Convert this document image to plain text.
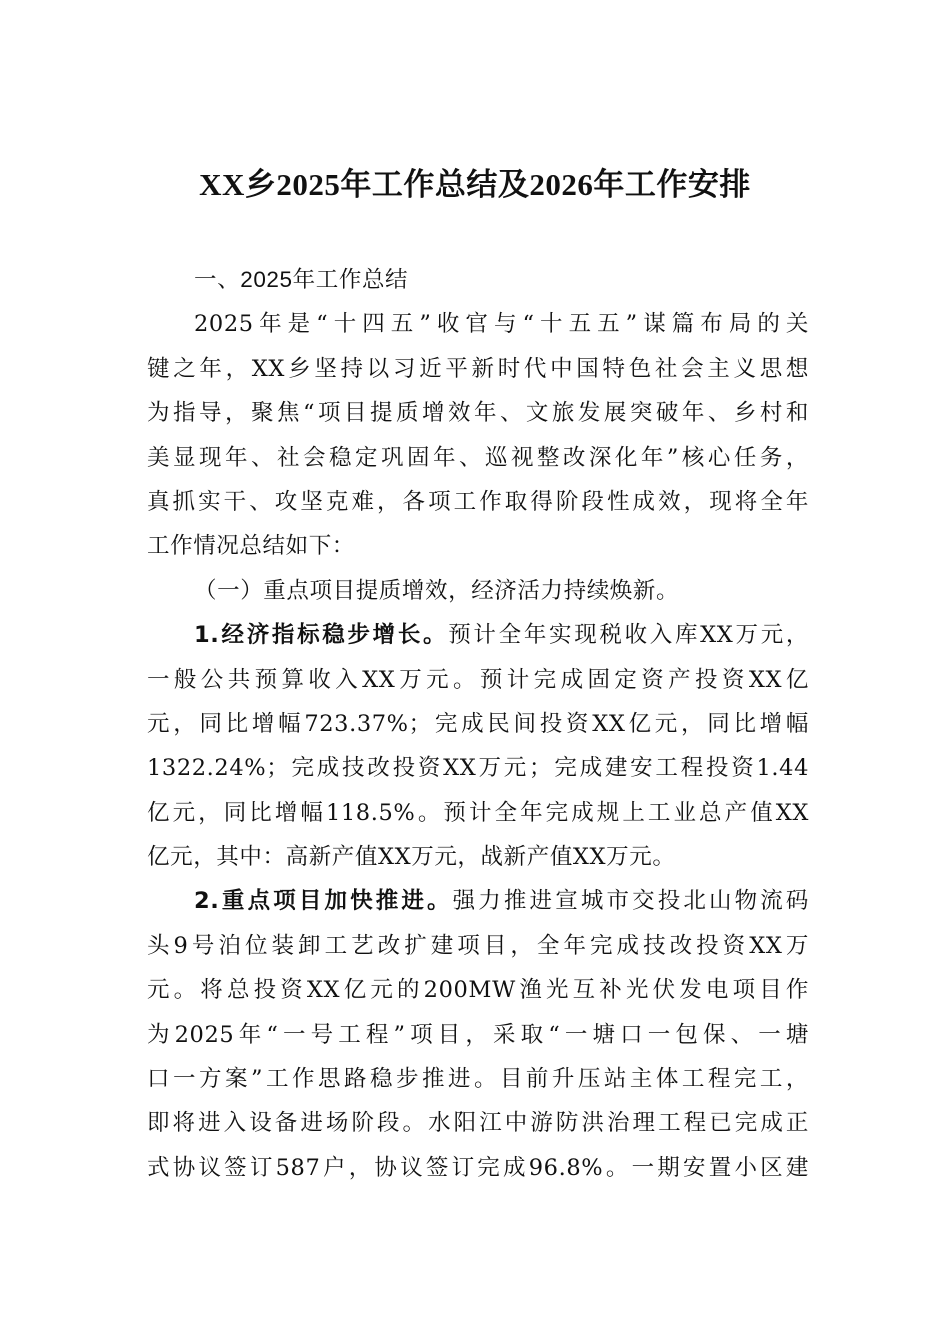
XX乡2025年工作总结及2026年工作安排
一、2025年工作总结
2025年是“十四五”收官与“十五五”谋篇布局的关
键之年，XX乡坚持以习近平新时代中国特色社会主义思想
为指导，聚焦“项目提质增效年、文旅发展突破年、乡村和
美显现年、社会稳定巩固年、巡视整改深化年”核心任务，
真抓实干、攻坚克难，各项工作取得阶段性成效，现将全年
工作情况总结如下：
（一）重点项目提质增效，经济活力持续焕新。
1.经济指标稳步增长。预计全年实现税收入库XX万元，
一般公共预算收入XX万元。预计完成固定资产投资XX亿
元，同比增幅723.37%；完成民间投资XX亿元，同比增幅
1322.24%；完成技改投资XX万元；完成建安工程投资1.44
亿元，同比增幅118.5%。预计全年完成规上工业总产值XX
亿元，其中：高新产值XX万元，战新产值XX万元。
2.重点项目加快推进。强力推进宣城市交投北山物流码
头9号泊位装卸工艺改扩建项目，全年完成技改投资XX万
元。将总投资XX亿元的200MW渔光互补光伏发电项目作
为2025年“一号工程”项目，采取“一塘口一包保、一塘
口一方案”工作思路稳步推进。目前升压站主体工程完工，
即将进入设备进场阶段。水阳江中游防洪治理工程已完成正
式协议签订587户，协议签订完成96.8%。一期安置小区建
